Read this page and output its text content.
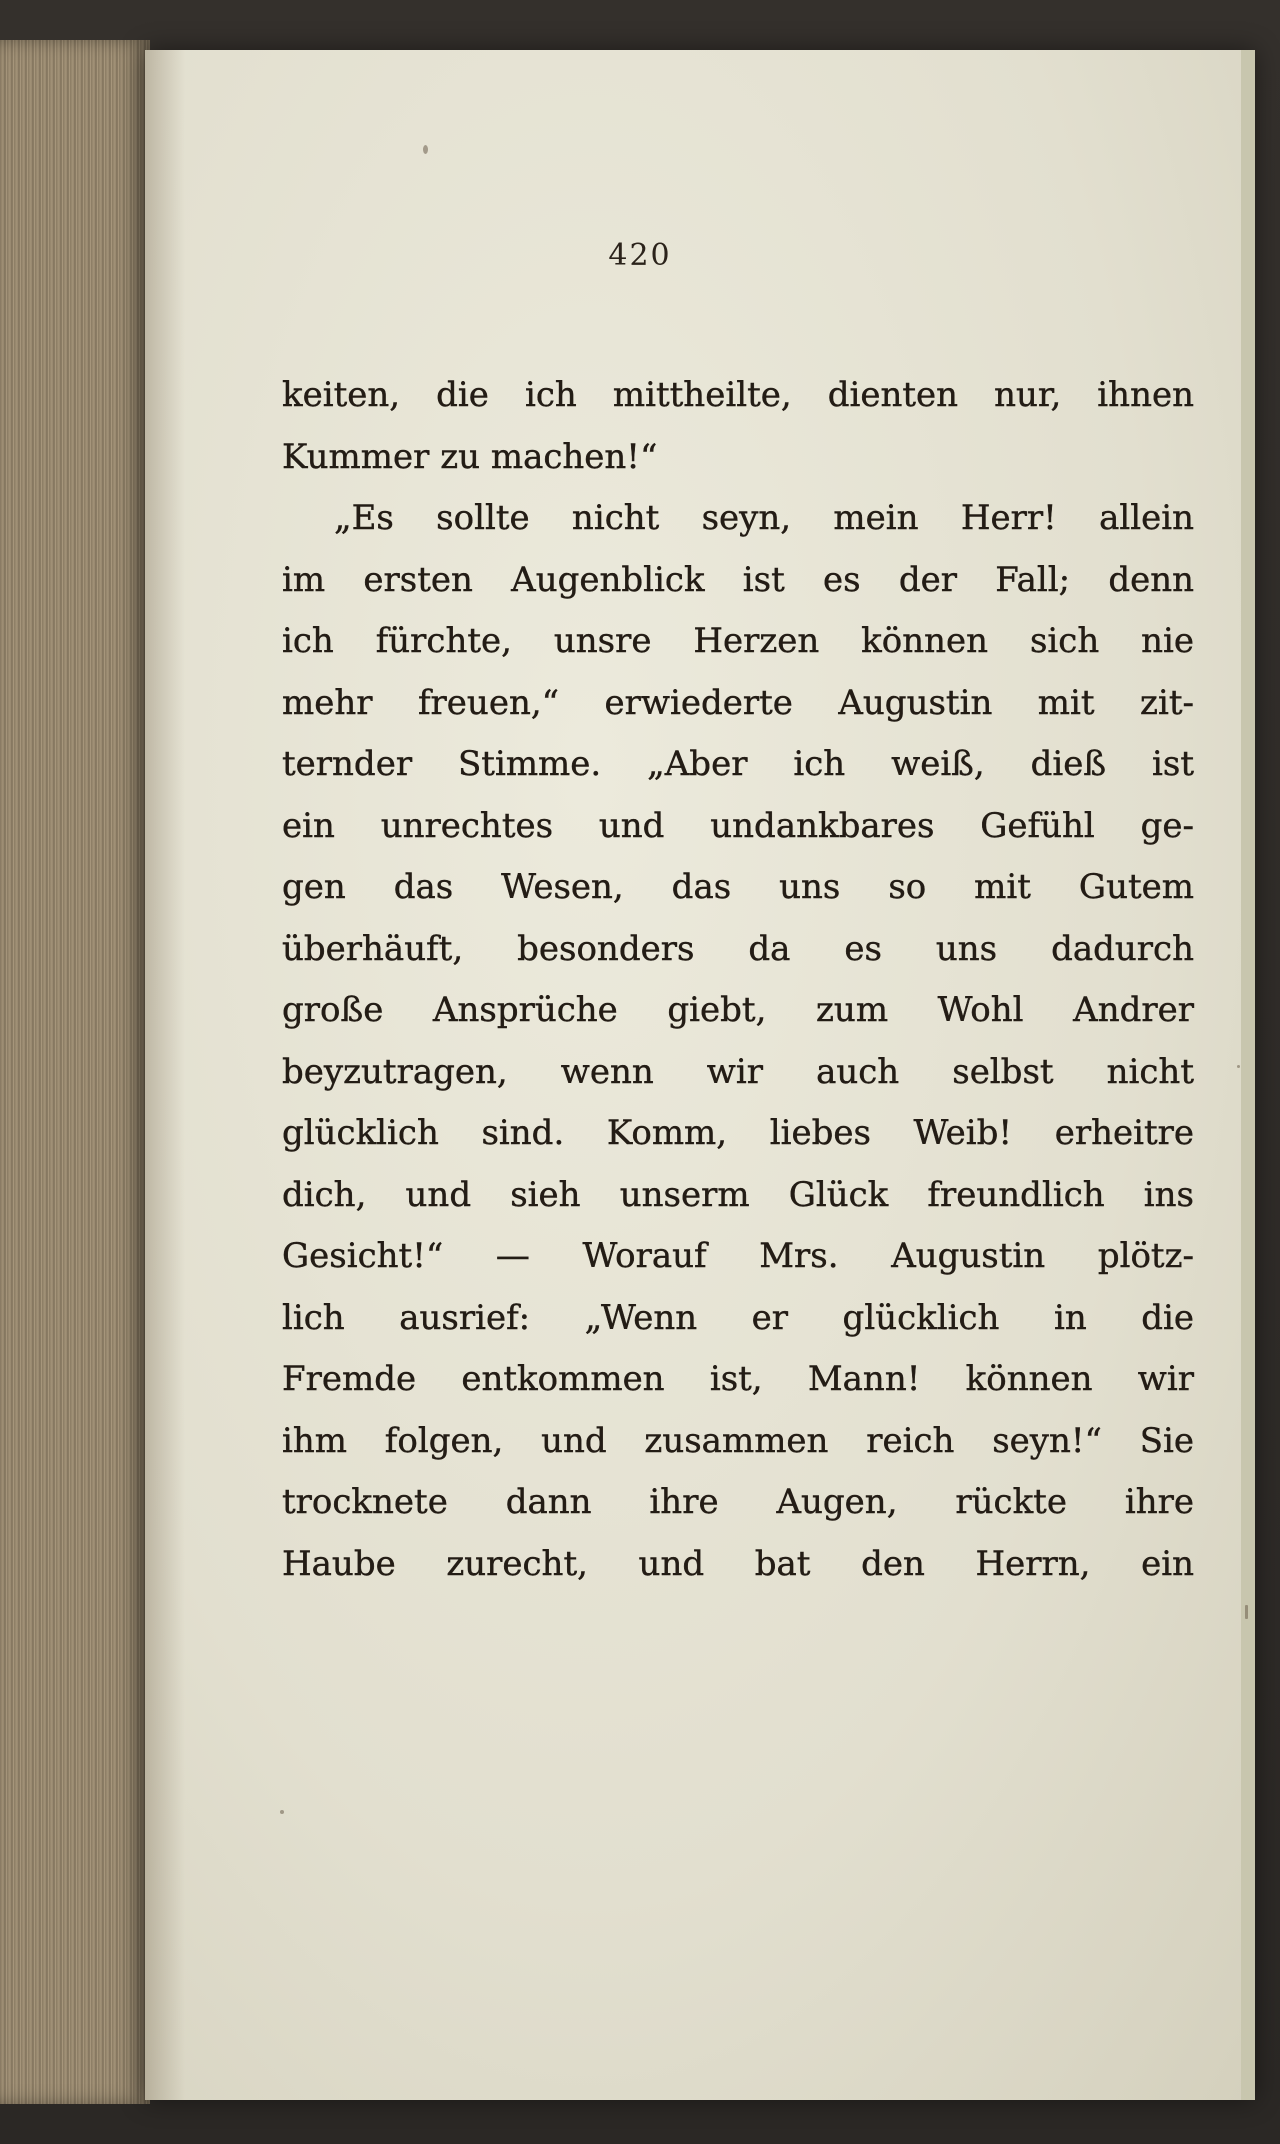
420
keiten, die ich mittheilte, dienten nur, ihnen
Kummer zu machen!“
„Es sollte nicht seyn, mein Herr! allein
im ersten Augenblick ist es der Fall; denn
ich fürchte, unsre Herzen können sich nie
mehr freuen,“ erwiederte Augustin mit zit-
ternder Stimme. „Aber ich weiß, dieß ist
ein unrechtes und undankbares Gefühl ge-
gen das Wesen, das uns so mit Gutem
überhäuft, besonders da es uns dadurch
große Ansprüche giebt, zum Wohl Andrer
beyzutragen, wenn wir auch selbst nicht
glücklich sind. Komm, liebes Weib! erheitre
dich, und sieh unserm Glück freundlich ins
Gesicht!“ — Worauf Mrs. Augustin plötz-
lich ausrief: „Wenn er glücklich in die
Fremde entkommen ist, Mann! können wir
ihm folgen, und zusammen reich seyn!“ Sie
trocknete dann ihre Augen, rückte ihre
Haube zurecht, und bat den Herrn, ein
